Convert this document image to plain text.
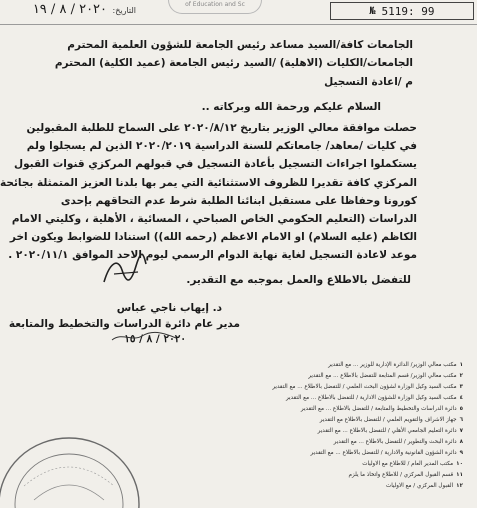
التاريخ: ٢٠٢٠ / ٨ / ١٩	of Education and Sc
№ 5119: 99
الجامعات كافة/السيد مساعد رئيس الجامعة للشؤون العلمية المحترم
الجامعات/الكليات (الاهلية) /السيد رئيس الجامعة (عميد الكلية) المحترم
م /اعادة التسجيل
السلام عليكم ورحمة الله وبركاته ..
حصلت موافقة معالي الوزير بتاريخ ٢٠٢٠/٨/١٢ على السماح للطلبة المقبولين
في كليات /معاهد/ جامعاتكم للسنة الدراسية ٢٠٢٠/٢٠١٩ الذين لم يسجلوا ولم
يستكملوا اجراءات التسجيل بأعادة التسجيل في قبولهم المركزي قنوات القبول
المركزي كافة تقديرا للظروف الاستثنائية التي يمر بها بلدنا العزيز المتمثلة بجائحة
كورونا وحفاظا على مستقبل ابنائنا الطلبة شرط عدم التحاقهم بإحدى
الدراسات (التعليم الحكومي الخاص الصباحي ، المسائية ، الأهلية ، وكليتي الامام
الكاظم (عليه السلام) او الامام الاعظم (رحمه الله)) استنادا للضوابط ويكون اخر
موعد لاعادة التسجيل لغاية نهاية الدوام الرسمي ليوم الاحد الموافق ٢٠٢٠/١١/١ .
للتفضل بالاطلاع والعمل بموجبه مع التقدير.
د. إيهاب ناجي عباس
مدير عام دائرة الدراسات والتخطيط والمتابعة
٢٠٢٠ / ٨ / ١٥
١مكتب معالي الوزير/ الدائرة الإدارية للوزير ... مع التقدير
٢مكتب معالي الوزير/ قسم المتابعة للتفضل بالاطلاع ... مع التقدير
٣مكتب السيد وكيل الوزارة لشؤون البحث العلمي / للتفضل بالاطلاع ... مع التقدير
٤مكتب السيد وكيل الوزارة للشؤون الادارية / للتفضل بالاطلاع ... مع التقدير
٥دائرة الدراسات والتخطيط والمتابعة / للتفضل بالاطلاع ... مع التقدير
٦جهاز الاشراف والتقويم العلمي / للتفضل بالاطلاع مع التقدير
٧دائرة التعليم الجامعي الأهلي / للتفضل بالاطلاع ... مع التقدير
٨دائرة البحث والتطوير / للتفضل بالاطلاع ... مع التقدير
٩دائرة الشؤون القانونية والادارية / للتفضل بالاطلاع ... مع التقدير
١٠مكتب المدير العام / للاطلاع مع الاوليات
١١قسم القبول المركزي / للاطلاع واتخاذ ما يلزم
١٢القبول المركزي / مع الاوليات
